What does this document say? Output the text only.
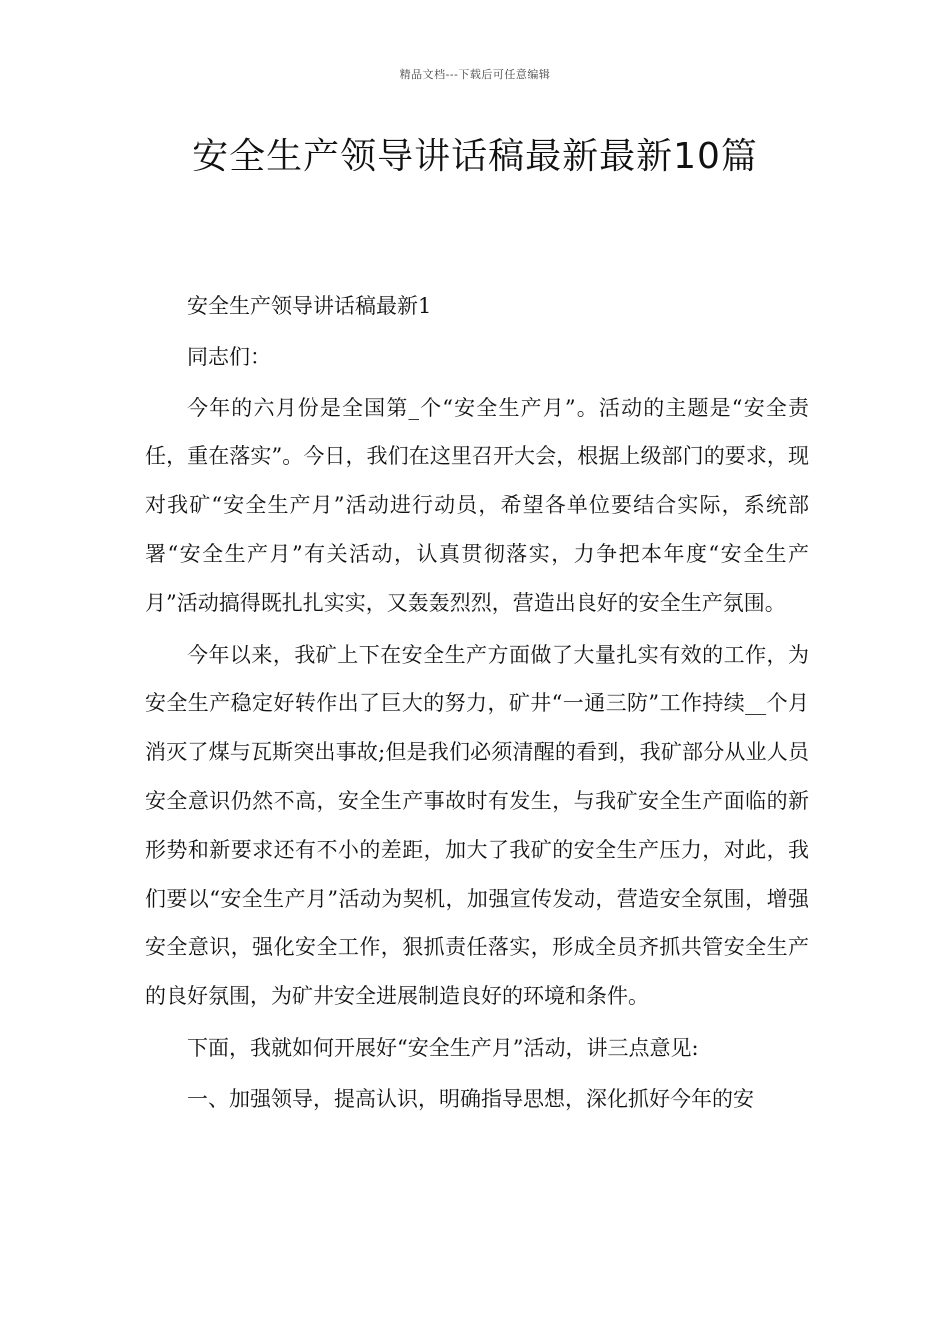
精品文档---下载后可任意编辑
安全生产领导讲话稿最新最新10篇

安全生产领导讲话稿最新1

同志们：

今年的六月份是全国第_个“安全生产月”。活动的主题是“安全责任，重在落实”。今日，我们在这里召开大会，根据上级部门的要求，现对我矿“安全生产月”活动进行动员，希望各单位要结合实际，系统部署“安全生产月”有关活动，认真贯彻落实，力争把本年度“安全生产月”活动搞得既扎扎实实，又轰轰烈烈，营造出良好的安全生产氛围。

今年以来，我矿上下在安全生产方面做了大量扎实有效的工作，为安全生产稳定好转作出了巨大的努力，矿井“一通三防”工作持续__个月消灭了煤与瓦斯突出事故;但是我们必须清醒的看到，我矿部分从业人员安全意识仍然不高，安全生产事故时有发生，与我矿安全生产面临的新形势和新要求还有不小的差距，加大了我矿的安全生产压力，对此，我们要以“安全生产月”活动为契机，加强宣传发动，营造安全氛围，增强安全意识，强化安全工作，狠抓责任落实，形成全员齐抓共管安全生产的良好氛围，为矿井安全进展制造良好的环境和条件。

下面，我就如何开展好“安全生产月”活动，讲三点意见:

一、加强领导，提高认识，明确指导思想，深化抓好今年的安
